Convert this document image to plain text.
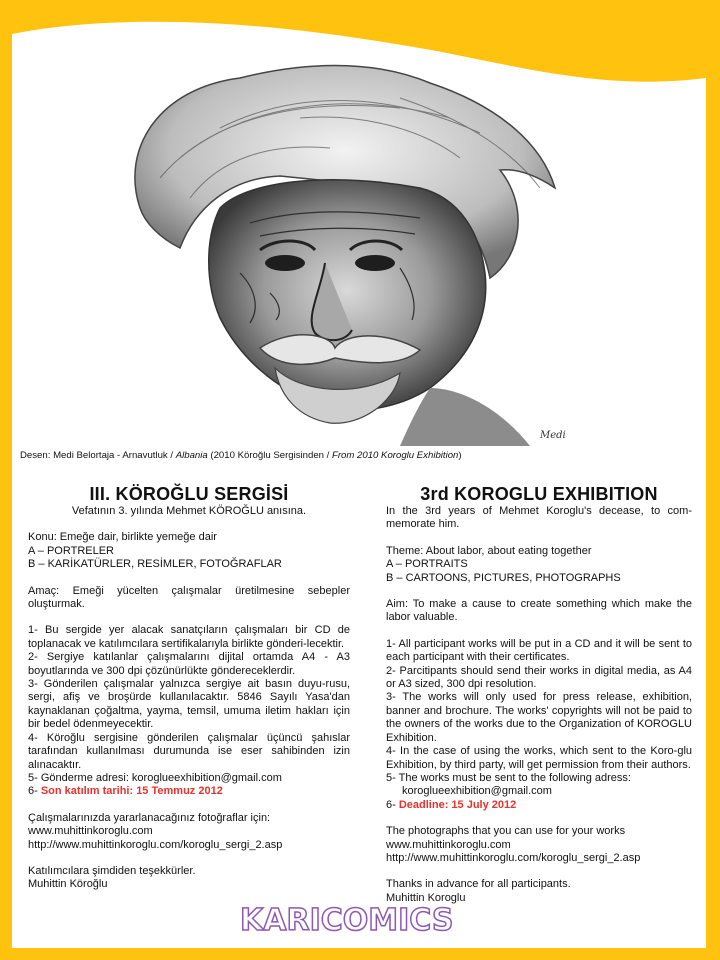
Medi
Desen: Medi Belortaja - Arnavutluk / Albania (2010 Köroğlu Sergisinden / From 2010 Koroglu Exhibition)
III. KÖROĞLU SERGİSİ

Vefatının 3. yılında Mehmet KÖROĞLU anısına.

Konu: Emeğe dair, birlikte yemeğe dair

A – PORTRELER

B – KARİKATÜRLER, RESİMLER, FOTOĞRAFLAR

Amaç: Emeği yücelten çalışmalar üretilmesine sebepler oluşturmak.

1- Bu sergide yer alacak sanatçıların çalışmaları bir CD de toplanacak ve katılımcılara sertifikalarıyla birlikte gönderi-lecektir.

2- Sergiye katılanlar çalışmalarını dijital ortamda A4 - A3 boyutlarında ve 300 dpi çözünürlükte göndereceklerdir.

3- Gönderilen çalışmalar yalnızca sergiye ait basın duyu-rusu, sergi, afiş ve broşürde kullanılacaktır. 5846 Sayılı Yasa'dan kaynaklanan çoğaltma, yayma, temsil, umuma iletim hakları için bir bedel ödenmeyecektir.

4- Köroğlu sergisine gönderilen çalışmalar üçüncü şahıslar tarafından kullanılması durumunda ise eser sahibinden izin alınacaktır.

5- Gönderme adresi: koroglueexhibition@gmail.com

6- Son katılım tarihi: 15 Temmuz 2012

Çalışmalarınızda yararlanacağınız fotoğraflar için:

www.muhittinkoroglu.com

http://www.muhittinkoroglu.com/koroglu_sergi_2.asp

Katılımcılara şimdiden teşekkürler.

Muhittin Köroğlu

3rd KOROGLU EXHIBITION

In the 3rd years of Mehmet Koroglu's decease, to com-memorate him.

Theme: About labor, about eating together

A – PORTRAITS

B – CARTOONS, PICTURES, PHOTOGRAPHS

Aim: To make a cause to create something which make the labor valuable.

1- All participant works will be put in a CD and it will be sent to each participant with their certificates.

2- Parcitipants should send their works in digital media, as A4 or A3 sized, 300 dpi resolution.

3- The works will only used for press release, exhibition, banner and brochure. The works' copyrights will not be paid to the owners of the works due to the Organization of KOROGLU Exhibition.

4- In the case of using the works, which sent to the Koro-glu Exhibition, by third party, will get permission from their authors.

5- The works must be sent to the following adress:

koroglueexhibition@gmail.com

6- Deadline: 15 July 2012

The photographs that you can use for your works

www.muhittinkoroglu.com

http://www.muhittinkoroglu.com/koroglu_sergi_2.asp

Thanks in advance for all participants.

Muhittin Koroglu

KARICOMICS
